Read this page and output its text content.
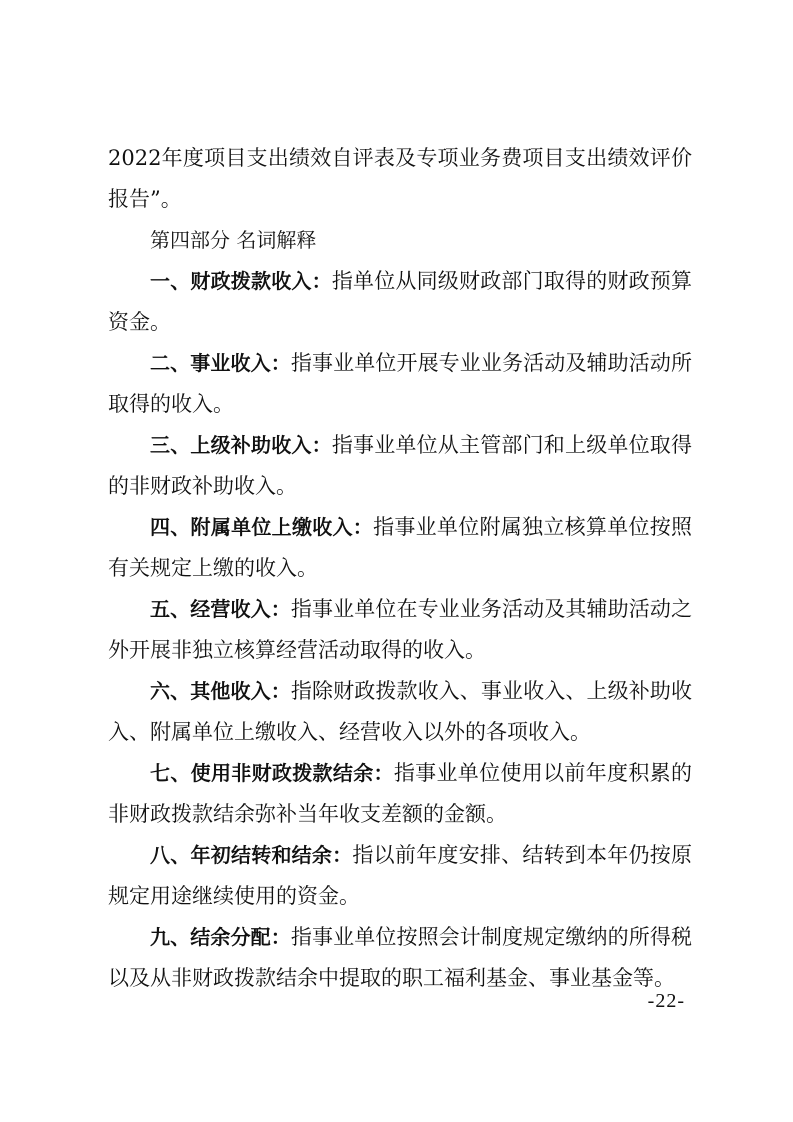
2022年度项目支出绩效自评表及专项业务费项目支出绩效评价报告”。

第四部分 名词解释

一、财政拨款收入：指单位从同级财政部门取得的财政预算资金。

二、事业收入：指事业单位开展专业业务活动及辅助活动所取得的收入。

三、上级补助收入：指事业单位从主管部门和上级单位取得的非财政补助收入。

四、附属单位上缴收入：指事业单位附属独立核算单位按照有关规定上缴的收入。

五、经营收入：指事业单位在专业业务活动及其辅助活动之外开展非独立核算经营活动取得的收入。

六、其他收入：指除财政拨款收入、事业收入、上级补助收入、附属单位上缴收入、经营收入以外的各项收入。

七、使用非财政拨款结余：指事业单位使用以前年度积累的非财政拨款结余弥补当年收支差额的金额。

八、年初结转和结余：指以前年度安排、结转到本年仍按原规定用途继续使用的资金。

九、结余分配：指事业单位按照会计制度规定缴纳的所得税以及从非财政拨款结余中提取的职工福利基金、事业基金等。

-22-
